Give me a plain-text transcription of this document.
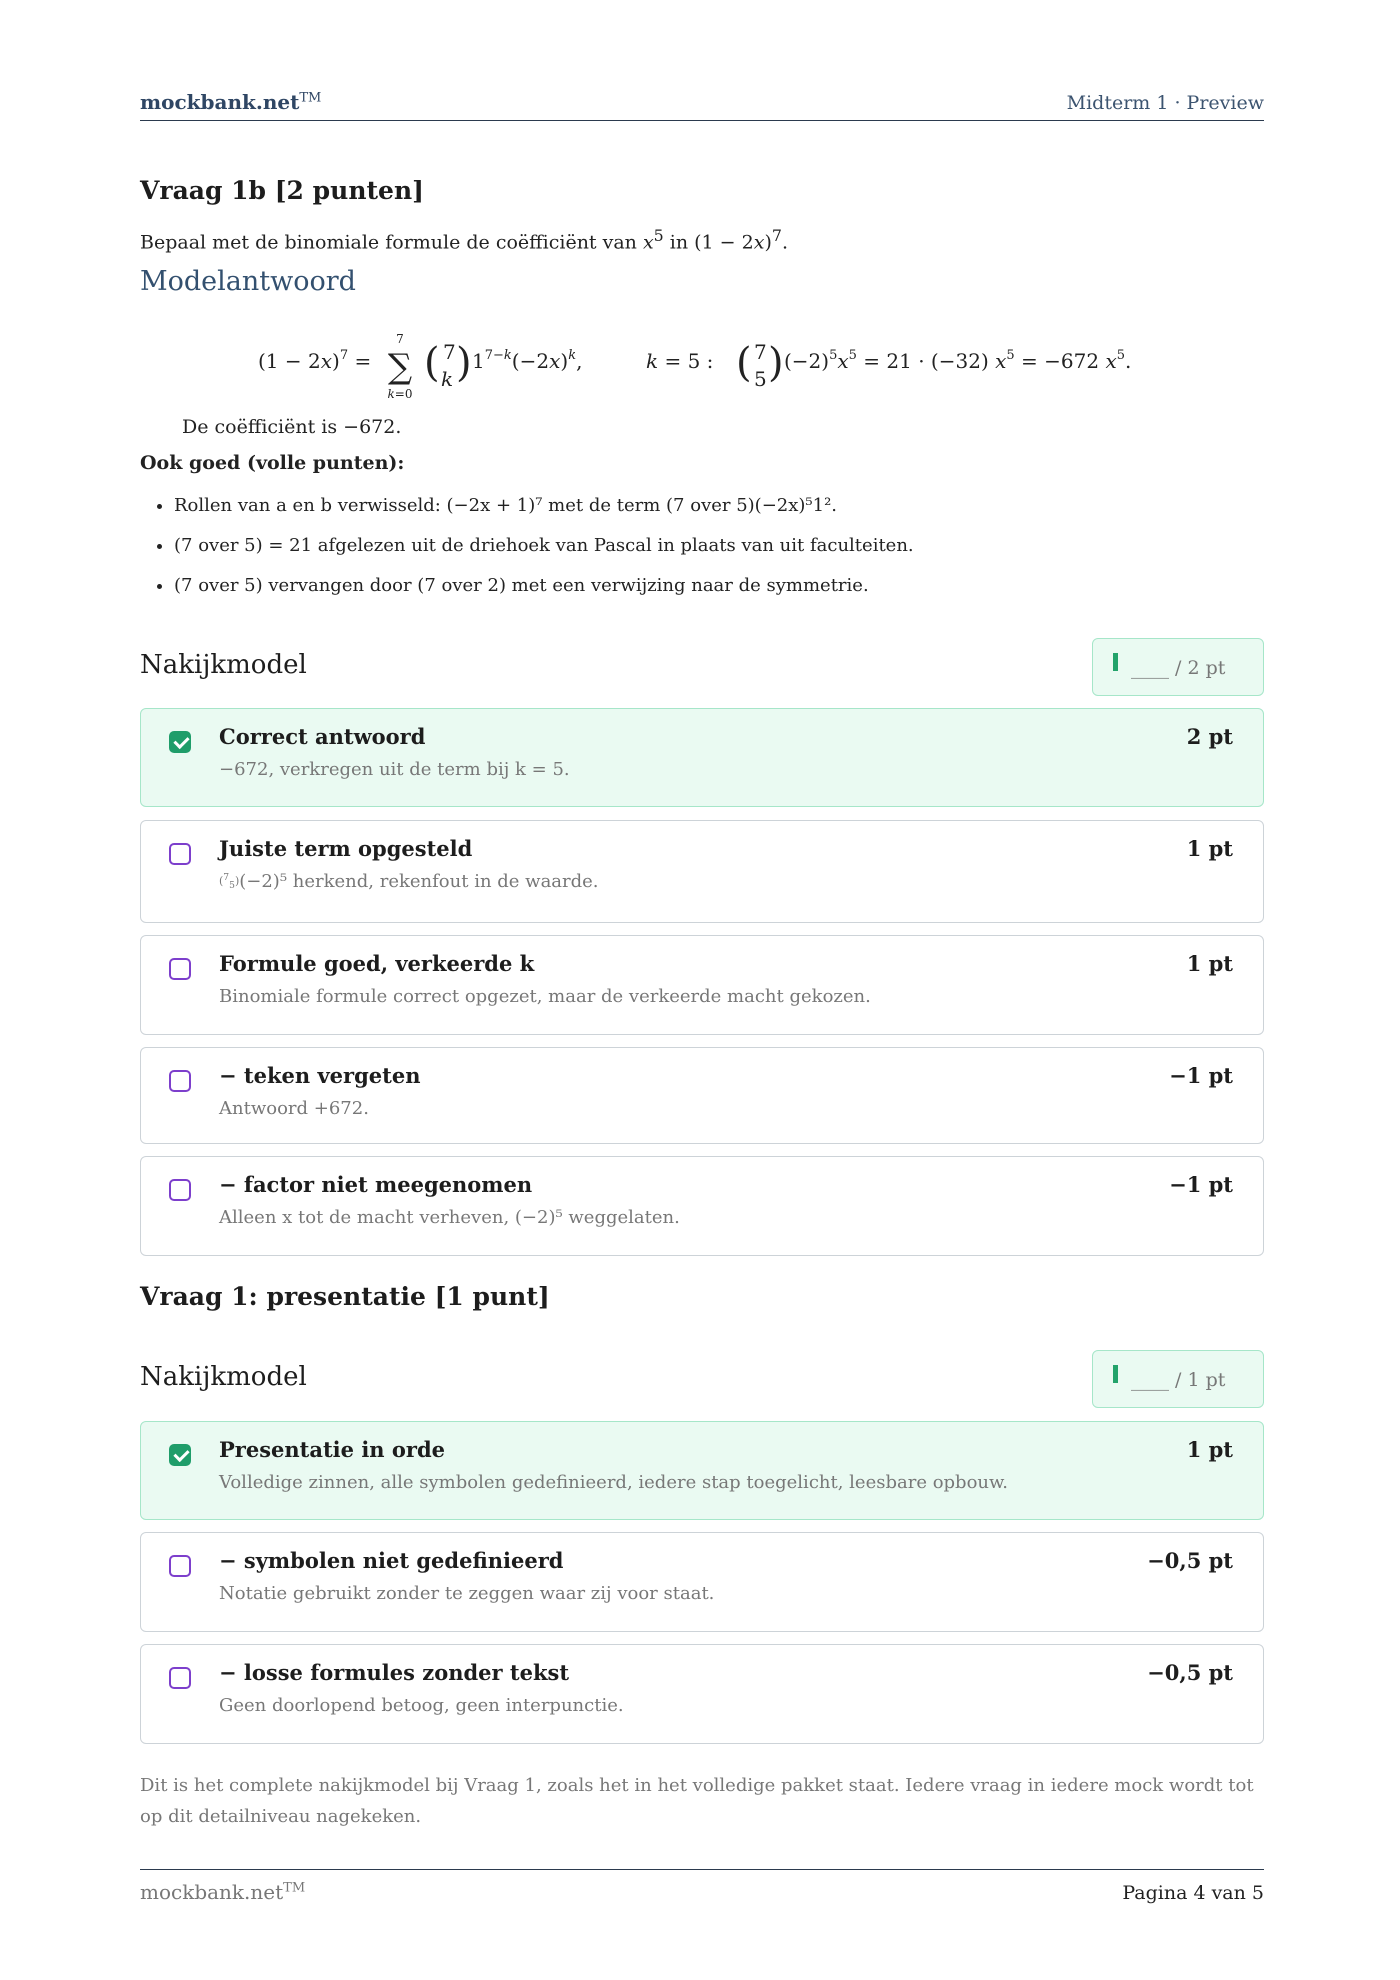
mockbank.net™	Midterm 1 · Preview
Vraag 1b [2 punten]
Bepaal met de binomiale formule de coëfficiënt van $x^5$ in $(1 - 2x)^7$.
Modelantwoord
$(1 - 2x)^7$ =
7
∑
k=0
( 7
k ) $1^{7-k}(-2x)^k$,	k = 5 : ( 7
5 ) $(-2)^5x^5 = 21 \cdot (-32) x^5 = -672$ $x^5$.
De coëfficiënt is −672.
Ook goed (volle punten):
• Rollen van a en b verwisseld: (−2x + 1)⁷ met de term (7 over 5)(−2x)⁵1².
• (7 over 5) = 21 afgelezen uit de driehoek van Pascal in plaats van uit faculteiten.
• (7 over 5) vervangen door (7 over 2) met een verwijzing naar de symmetrie.
Nakijkmodel	____ / 2 pt
Correct antwoord	2 pt
−672, verkregen uit de term bij k = 5.
Juiste term opgesteld	1 pt
($^7_5$)(−2)⁵ herkend, rekenfout in de waarde.
Formule goed, verkeerde k	1 pt
Binomiale formule correct opgezet, maar de verkeerde macht gekozen.
− teken vergeten	−1 pt
Antwoord +672.
− factor niet meegenomen	−1 pt
Alleen x tot de macht verheven, (−2)⁵ weggelaten.
Vraag 1: presentatie [1 punt]
Nakijkmodel	____ / 1 pt
Presentatie in orde	1 pt
Volledige zinnen, alle symbolen gedefinieerd, iedere stap toegelicht, leesbare opbouw.
− symbolen niet gedefinieerd	−0,5 pt
Notatie gebruikt zonder te zeggen waar zij voor staat.
− losse formules zonder tekst	−0,5 pt
Geen doorlopend betoog, geen interpunctie.
Dit is het complete nakijkmodel bij Vraag 1, zoals het in het volledige pakket staat. Iedere vraag in iedere mock wordt tot op dit detailniveau nagekeken.
mockbank.net™	Pagina 4 van 5
